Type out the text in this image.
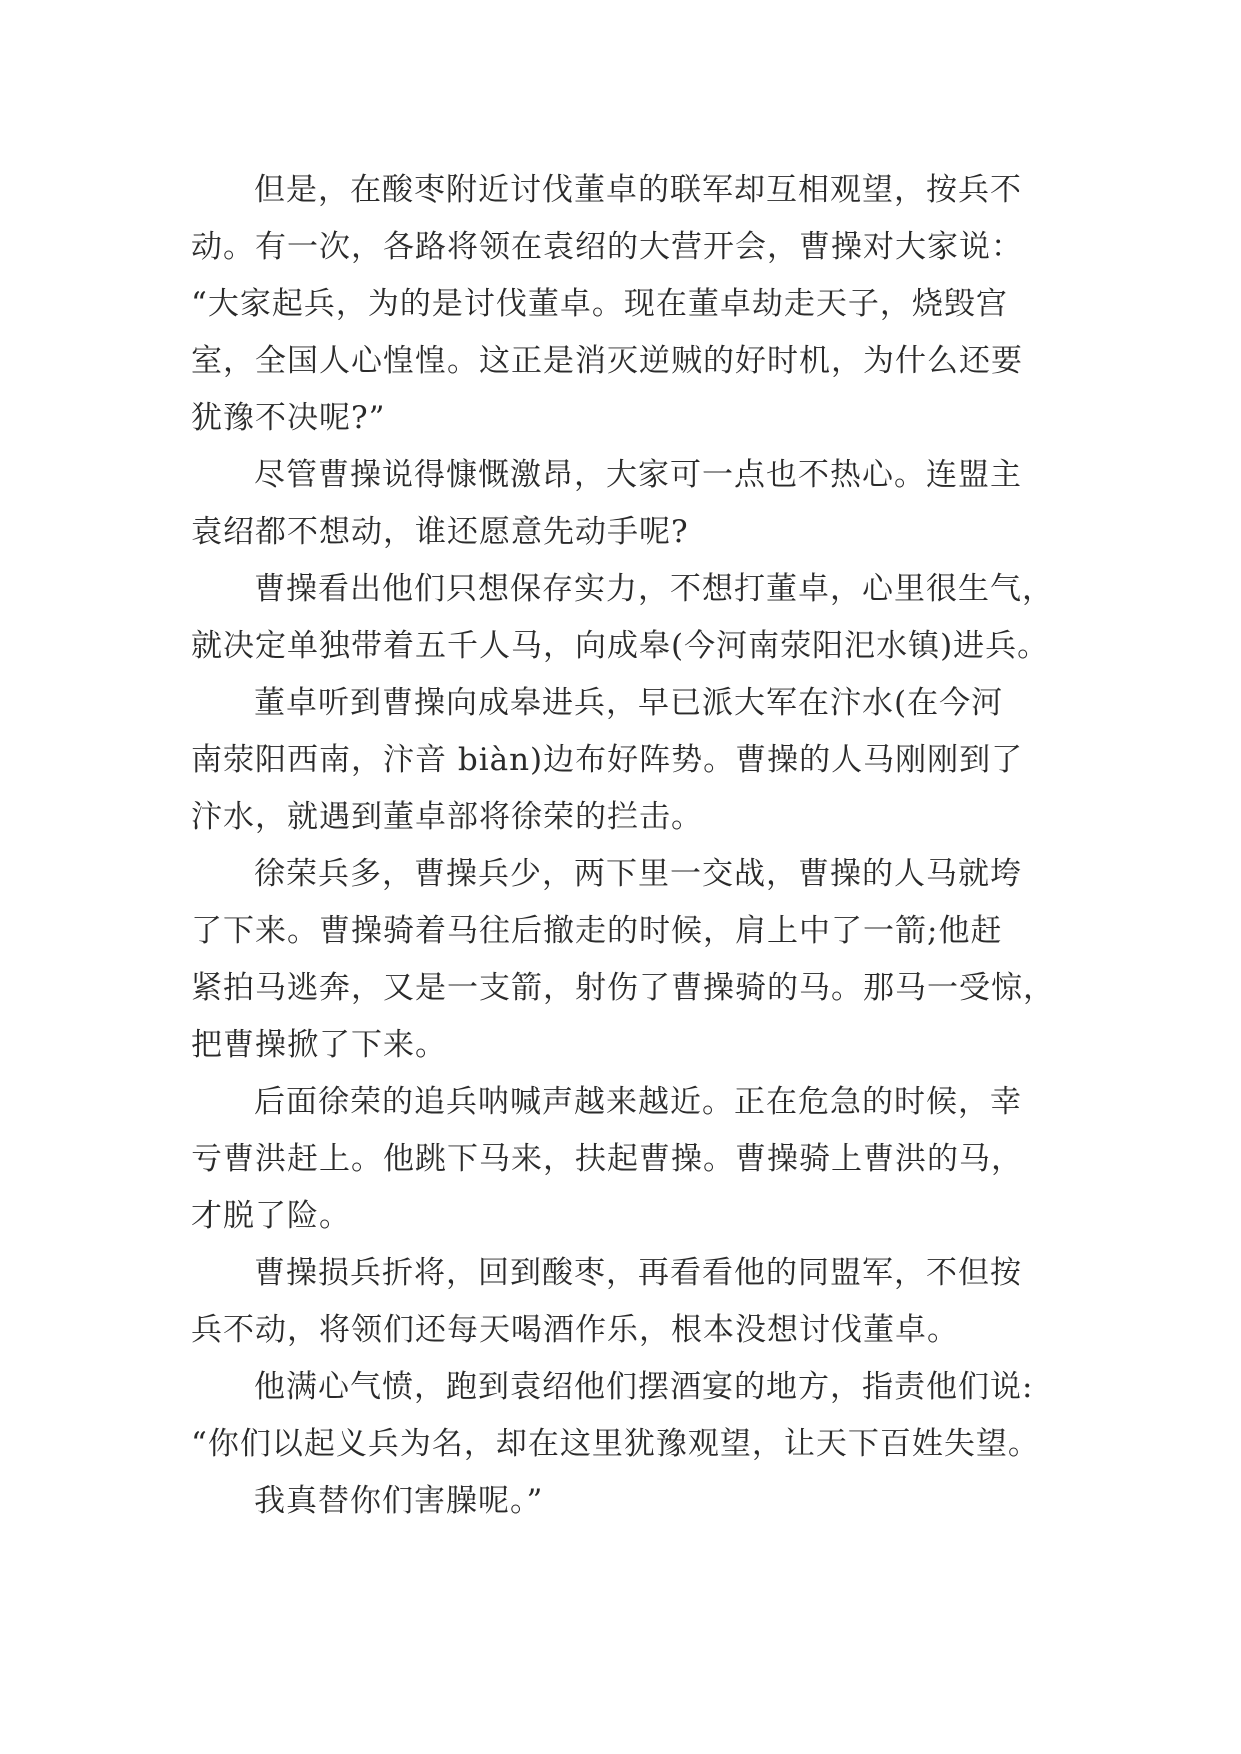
但是，在酸枣附近讨伐董卓的联军却互相观望，按兵不
动。有一次，各路将领在袁绍的大营开会，曹操对大家说：
“大家起兵，为的是讨伐董卓。现在董卓劫走天子，烧毁宫
室，全国人心惶惶。这正是消灭逆贼的好时机，为什么还要
犹豫不决呢?”
尽管曹操说得慷慨激昂，大家可一点也不热心。连盟主
袁绍都不想动，谁还愿意先动手呢?
曹操看出他们只想保存实力，不想打董卓，心里很生气，
就决定单独带着五千人马，向成皋(今河南荥阳汜水镇)进兵。
董卓听到曹操向成皋进兵，早已派大军在汴水(在今河
南荥阳西南，汴音 biàn)边布好阵势。曹操的人马刚刚到了
汴水，就遇到董卓部将徐荣的拦击。
徐荣兵多，曹操兵少，两下里一交战，曹操的人马就垮
了下来。曹操骑着马往后撤走的时候，肩上中了一箭;他赶
紧拍马逃奔，又是一支箭，射伤了曹操骑的马。那马一受惊，
把曹操掀了下来。
后面徐荣的追兵呐喊声越来越近。正在危急的时候，幸
亏曹洪赶上。他跳下马来，扶起曹操。曹操骑上曹洪的马，
才脱了险。
曹操损兵折将，回到酸枣，再看看他的同盟军，不但按
兵不动，将领们还每天喝酒作乐，根本没想讨伐董卓。
他满心气愤，跑到袁绍他们摆酒宴的地方，指责他们说:
“你们以起义兵为名，却在这里犹豫观望，让天下百姓失望。
我真替你们害臊呢。”
